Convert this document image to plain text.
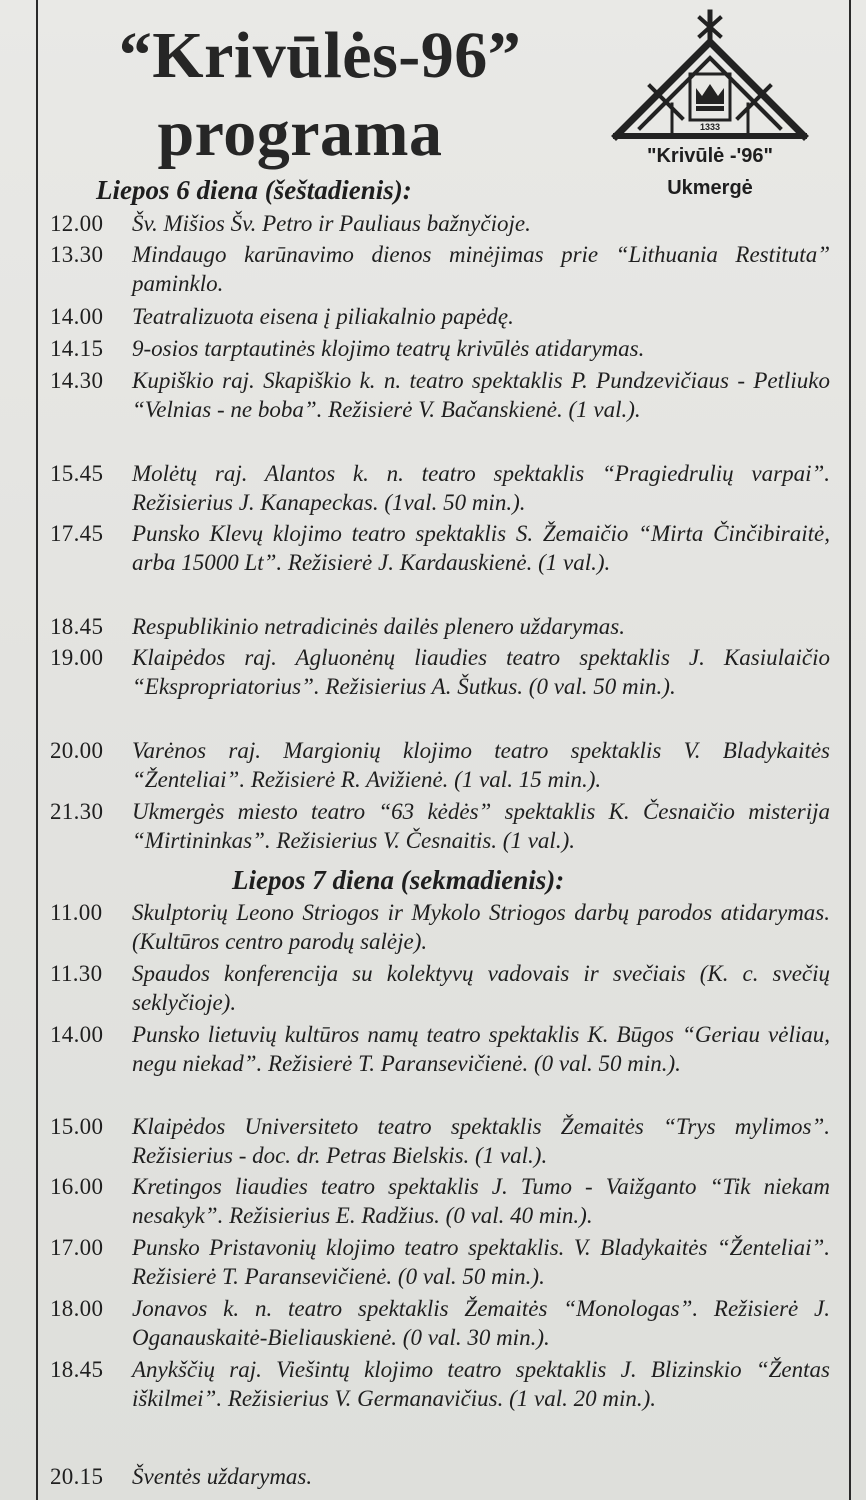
“Krivūlės-96”
programa	1333
"Krivūlė -'96"
Ukmergė
Liepos 6 diena (šeštadienis):
12.00	Šv. Mišios Šv. Petro ir Pauliaus bažnyčioje.
13.30	Mindaugo karūnavimo dienos minėjimas prie “Lithuania Restituta” paminklo.
14.00	Teatralizuota eisena į piliakalnio papėdę.
14.15	9-osios tarptautinės klojimo teatrų krivūlės atidarymas.
14.30	Kupiškio raj. Skapiškio k. n. teatro spektaklis P. Pundzevičiaus - Petliuko “Velnias - ne boba”. Režisierė V. Bačanskienė. (1 val.).
15.45	Molėtų raj. Alantos k. n. teatro spektaklis “Pragiedrulių varpai”. Režisierius J. Kanapeckas. (1val. 50 min.).
17.45	Punsko Klevų klojimo teatro spektaklis S. Žemaičio “Mirta Činčibiraitė, arba 15000 Lt”. Režisierė J. Kardauskienė. (1 val.).
18.45	Respublikinio netradicinės dailės plenero uždarymas.
19.00	Klaipėdos raj. Agluonėnų liaudies teatro spektaklis J. Kasiulaičio “Ekspropriatorius”. Režisierius A. Šutkus. (0 val. 50 min.).
20.00	Varėnos raj. Margionių klojimo teatro spektaklis V. Bladykaitės “Ženteliai”. Režisierė R. Avižienė. (1 val. 15 min.).
21.30	Ukmergės miesto teatro “63 kėdės” spektaklis K. Česnaičio misterija “Mirtininkas”. Režisierius V. Česnaitis. (1 val.).
Liepos 7 diena (sekmadienis):
11.00	Skulptorių Leono Striogos ir Mykolo Striogos darbų parodos atidarymas. (Kultūros centro parodų salėje).
11.30	Spaudos konferencija su kolektyvų vadovais ir svečiais (K. c. svečių seklyčioje).
14.00	Punsko lietuvių kultūros namų teatro spektaklis K. Būgos “Geriau vėliau, negu niekad”. Režisierė T. Paransevičienė. (0 val. 50 min.).
15.00	Klaipėdos Universiteto teatro spektaklis Žemaitės “Trys mylimos”. Režisierius - doc. dr. Petras Bielskis. (1 val.).
16.00	Kretingos liaudies teatro spektaklis J. Tumo - Vaižganto “Tik niekam nesakyk”. Režisierius E. Radžius. (0 val. 40 min.).
17.00	Punsko Pristavonių klojimo teatro spektaklis. V. Bladykaitės “Ženteliai”. Režisierė T. Paransevičienė. (0 val. 50 min.).
18.00	Jonavos k. n. teatro spektaklis Žemaitės “Monologas”. Režisierė J. Oganauskaitė-Bieliauskienė. (0 val. 30 min.).
18.45	Anykščių raj. Viešintų klojimo teatro spektaklis J. Blizinskio “Žentas iškilmei”. Režisierius V. Germanavičius. (1 val. 20 min.).
20.15	Šventės uždarymas.
